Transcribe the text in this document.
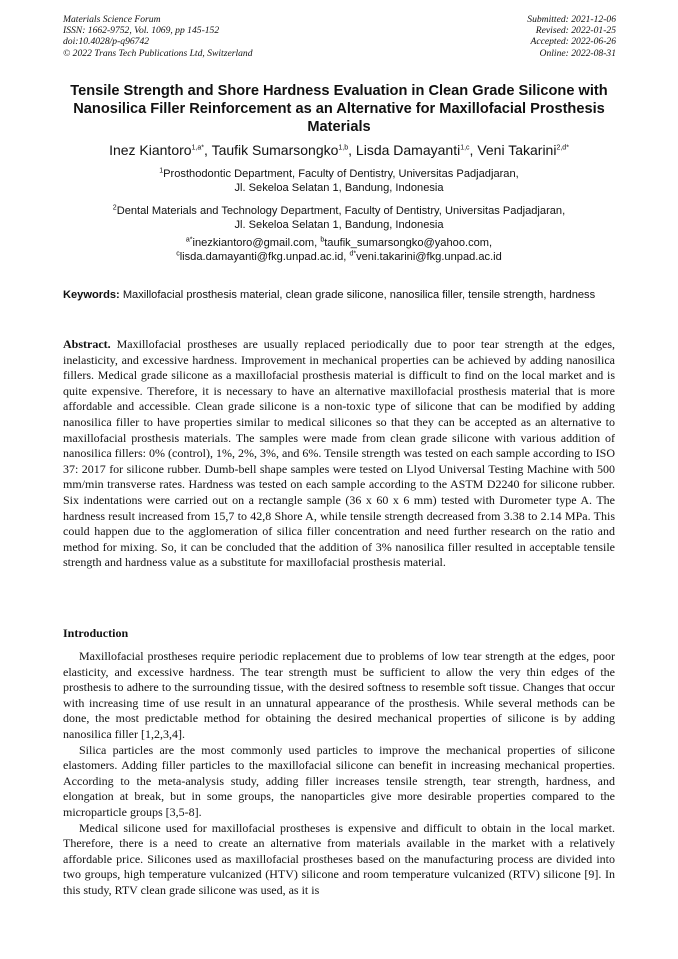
Materials Science Forum
ISSN: 1662-9752, Vol. 1069, pp 145-152
doi:10.4028/p-q96742
© 2022 Trans Tech Publications Ltd, Switzerland
Submitted: 2021-12-06
Revised: 2022-01-25
Accepted: 2022-06-26
Online: 2022-08-31
Tensile Strength and Shore Hardness Evaluation in Clean Grade Silicone with Nanosilica Filler Reinforcement as an Alternative for Maxillofacial Prosthesis Materials
Inez Kiantoro$^{1,a*}$, Taufik Sumarsongko$^{1,b}$, Lisda Damayanti$^{1,c}$, Veni Takarini$^{2,d*}$
$^1$Prosthodontic Department, Faculty of Dentistry, Universitas Padjadjaran,
Jl. Sekeloa Selatan 1, Bandung, Indonesia
$^2$Dental Materials and Technology Department, Faculty of Dentistry, Universitas Padjadjaran,
Jl. Sekeloa Selatan 1, Bandung, Indonesia
$^{a*}$inezkiantoro@gmail.com, $^b$taufik_sumarsongko@yahoo.com,
$^c$lisda.damayanti@fkg.unpad.ac.id, $^{d*}$veni.takarini@fkg.unpad.ac.id
Keywords: Maxillofacial prosthesis material, clean grade silicone, nanosilica filler, tensile strength, hardness

Abstract. Maxillofacial prostheses are usually replaced periodically due to poor tear strength at the edges, inelasticity, and excessive hardness. Improvement in mechanical properties can be achieved by adding nanosilica fillers. Medical grade silicone as a maxillofacial prosthesis material is difficult to find on the local market and is quite expensive. Therefore, it is necessary to have an alternative maxillofacial prosthesis material that is more affordable and accessible. Clean grade silicone is a non-toxic type of silicone that can be modified by adding nanosilica filler to have properties similar to medical silicones so that they can be accepted as an alternative to maxillofacial prosthesis materials. The samples were made from clean grade silicone with various addition of nanosilica fillers: 0% (control), 1%, 2%, 3%, and 6%. Tensile strength was tested on each sample according to ISO 37: 2017 for silicone rubber. Dumb-bell shape samples were tested on Llyod Universal Testing Machine with 500 mm/min transverse rates. Hardness was tested on each sample according to the ASTM D2240 for silicone rubber. Six indentations were carried out on a rectangle sample (36 x 60 x 6 mm) tested with Durometer type A. The hardness result increased from 15,7 to 42,8 Shore A, while tensile strength decreased from 3.38 to 2.14 MPa. This could happen due to the agglomeration of silica filler concentration and need further research on the ratio and method for mixing. So, it can be concluded that the addition of 3% nanosilica filler resulted in acceptable tensile strength and hardness value as a substitute for maxillofacial prosthesis material.

Introduction

Maxillofacial prostheses require periodic replacement due to problems of low tear strength at the edges, poor elasticity, and excessive hardness. The tear strength must be sufficient to allow the very thin edges of the prosthesis to adhere to the surrounding tissue, with the desired softness to resemble soft tissue. Changes that occur with increasing time of use result in an unnatural appearance of the prosthesis. While several methods can be done, the most predictable method for obtaining the desired mechanical properties of silicone is by adding nanosilica filler [1,2,3,4].

Silica particles are the most commonly used particles to improve the mechanical properties of silicone elastomers. Adding filler particles to the maxillofacial silicone can benefit in increasing mechanical properties. According to the meta-analysis study, adding filler increases tensile strength, tear strength, hardness, and elongation at break, but in some groups, the nanoparticles give more desirable properties compared to the microparticle groups [3,5-8].

Medical silicone used for maxillofacial prostheses is expensive and difficult to obtain in the local market. Therefore, there is a need to create an alternative from materials available in the market with a relatively affordable price. Silicones used as maxillofacial prostheses based on the manufacturing process are divided into two groups, high temperature vulcanized (HTV) silicone and room temperature vulcanized (RTV) silicone [9]. In this study, RTV clean grade silicone was used, as it is
